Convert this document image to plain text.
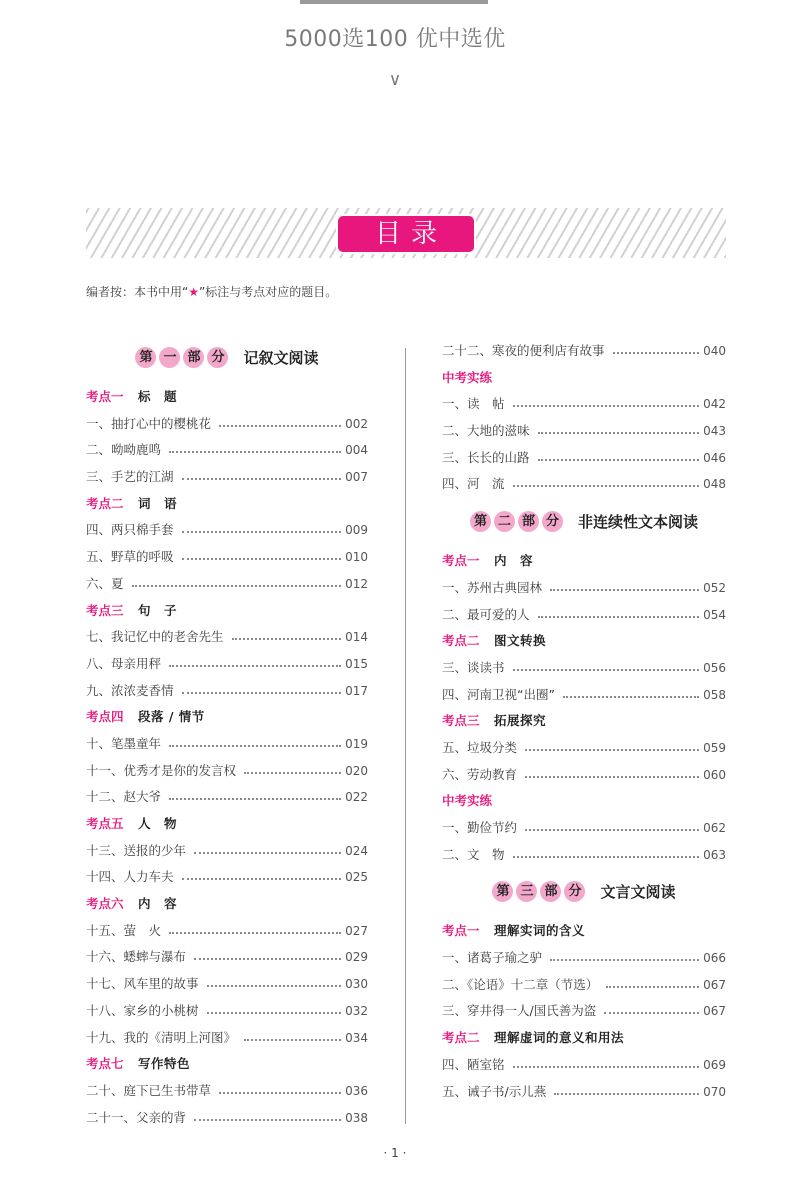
5000选100 优中选优
∨
目录
编者按：本书中用“★”标注与考点对应的题目。
第 一 部 分 记叙文阅读
考点一	标　题
一、抽打心中的樱桃花	002
二、呦呦鹿鸣	004
三、手艺的江湖	007
考点二	词　语
四、两只棉手套	009
五、野草的呼吸	010
六、夏	012
考点三	句　子
七、我记忆中的老舍先生	014
八、母亲用秤	015
九、浓浓麦香情	017
考点四	段落 / 情节
十、笔墨童年	019
十一、优秀才是你的发言权	020
十二、赵大爷	022
考点五	人　物
十三、送报的少年	024
十四、人力车夫	025
考点六	内　容
十五、萤　火	027
十六、蟋蟀与瀑布	029
十七、风车里的故事	030
十八、家乡的小桃树	032
十九、我的《清明上河图》	034
考点七	写作特色
二十、庭下已生书带草	036
二十一、父亲的背	038
二十二、寒夜的便利店有故事	040
中考实练
一、读　帖	042
二、大地的滋味	043
三、长长的山路	046
四、河　流	048
第 二 部 分 非连续性文本阅读
考点一	内　容
一、苏州古典园林	052
二、最可爱的人	054
考点二	图文转换
三、谈读书	056
四、河南卫视“出圈”	058
考点三	拓展探究
五、垃圾分类	059
六、劳动教育	060
中考实练
一、勤俭节约	062
二、文　物	063
第 三 部 分 文言文阅读
考点一	理解实词的含义
一、诸葛子瑜之驴	066
二、《论语》十二章（节选）	067
三、穿井得一人/国氏善为盗	067
考点二	理解虚词的意义和用法
四、陋室铭	069
五、诫子书/示儿燕	070
· 1 ·
